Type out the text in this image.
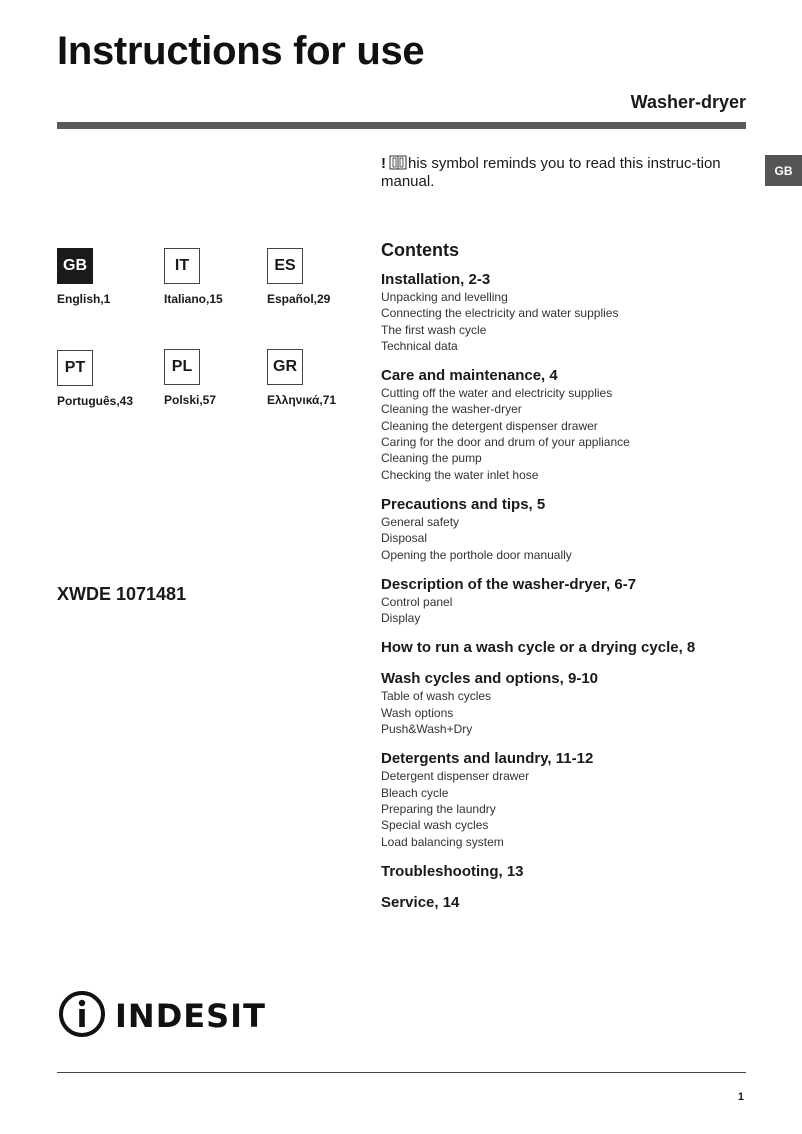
Instructions for use
Washer-dryer
GB
! his symbol reminds you to read this instruc-tion manual.
GB
English,1
IT
Italiano,15
ES
Español,29
PT
Português,43
PL
Polski,57
GR
Ελληνικά,71
XWDE 1071481
Contents
Installation, 2-3
Unpacking and levelling
Connecting the electricity and water supplies
The first wash cycle
Technical data
Care and maintenance, 4
Cutting off the water and electricity supplies
Cleaning the washer-dryer
Cleaning the detergent dispenser drawer
Caring for the door and drum of your appliance
Cleaning the pump
Checking the water inlet hose
Precautions and tips, 5
General safety
Disposal
Opening the porthole door manually
Description of the washer-dryer, 6-7
Control panel
Display
How to run a wash cycle or a drying cycle, 8
Wash cycles and options, 9-10
Table of wash cycles
Wash options
Push&Wash+Dry
Detergents and laundry, 11-12
Detergent dispenser drawer
Bleach cycle
Preparing the laundry
Special wash cycles
Load balancing system
Troubleshooting, 13
Service, 14
INDESIT
1
